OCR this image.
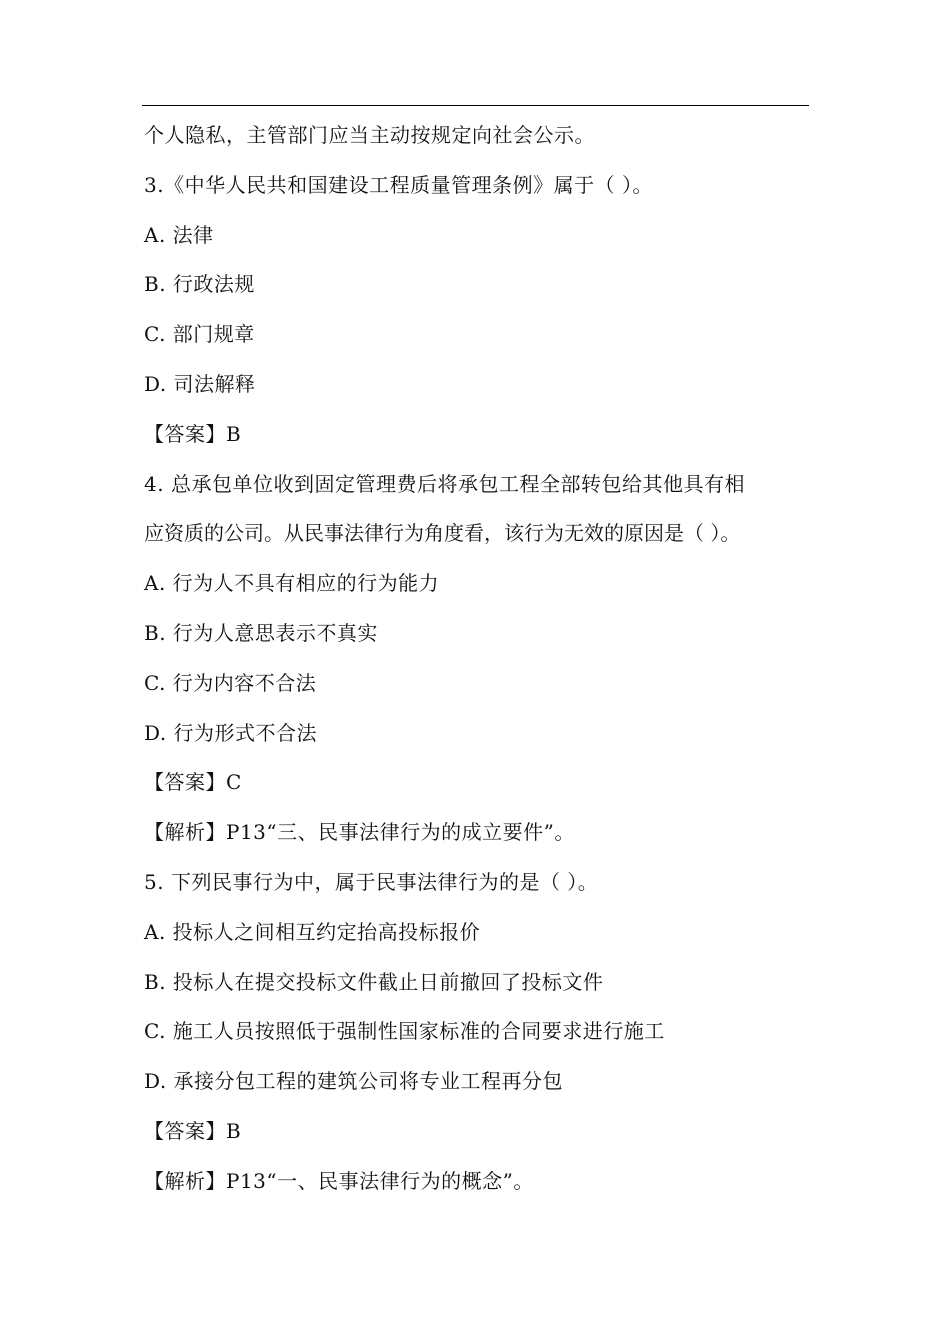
个人隐私，主管部门应当主动按规定向社会公示。
3.《中华人民共和国建设工程质量管理条例》属于（ ）。
A. 法律
B. 行政法规
C. 部门规章
D. 司法解释
【答案】B
4. 总承包单位收到固定管理费后将承包工程全部转包给其他具有相
应资质的公司。从民事法律行为角度看，该行为无效的原因是（ ）。
A. 行为人不具有相应的行为能力
B. 行为人意思表示不真实
C. 行为内容不合法
D. 行为形式不合法
【答案】C
【解析】P13“三、民事法律行为的成立要件”。
5. 下列民事行为中，属于民事法律行为的是（ ）。
A. 投标人之间相互约定抬高投标报价
B. 投标人在提交投标文件截止日前撤回了投标文件
C. 施工人员按照低于强制性国家标准的合同要求进行施工
D. 承接分包工程的建筑公司将专业工程再分包
【答案】B
【解析】P13“一、民事法律行为的概念”。
